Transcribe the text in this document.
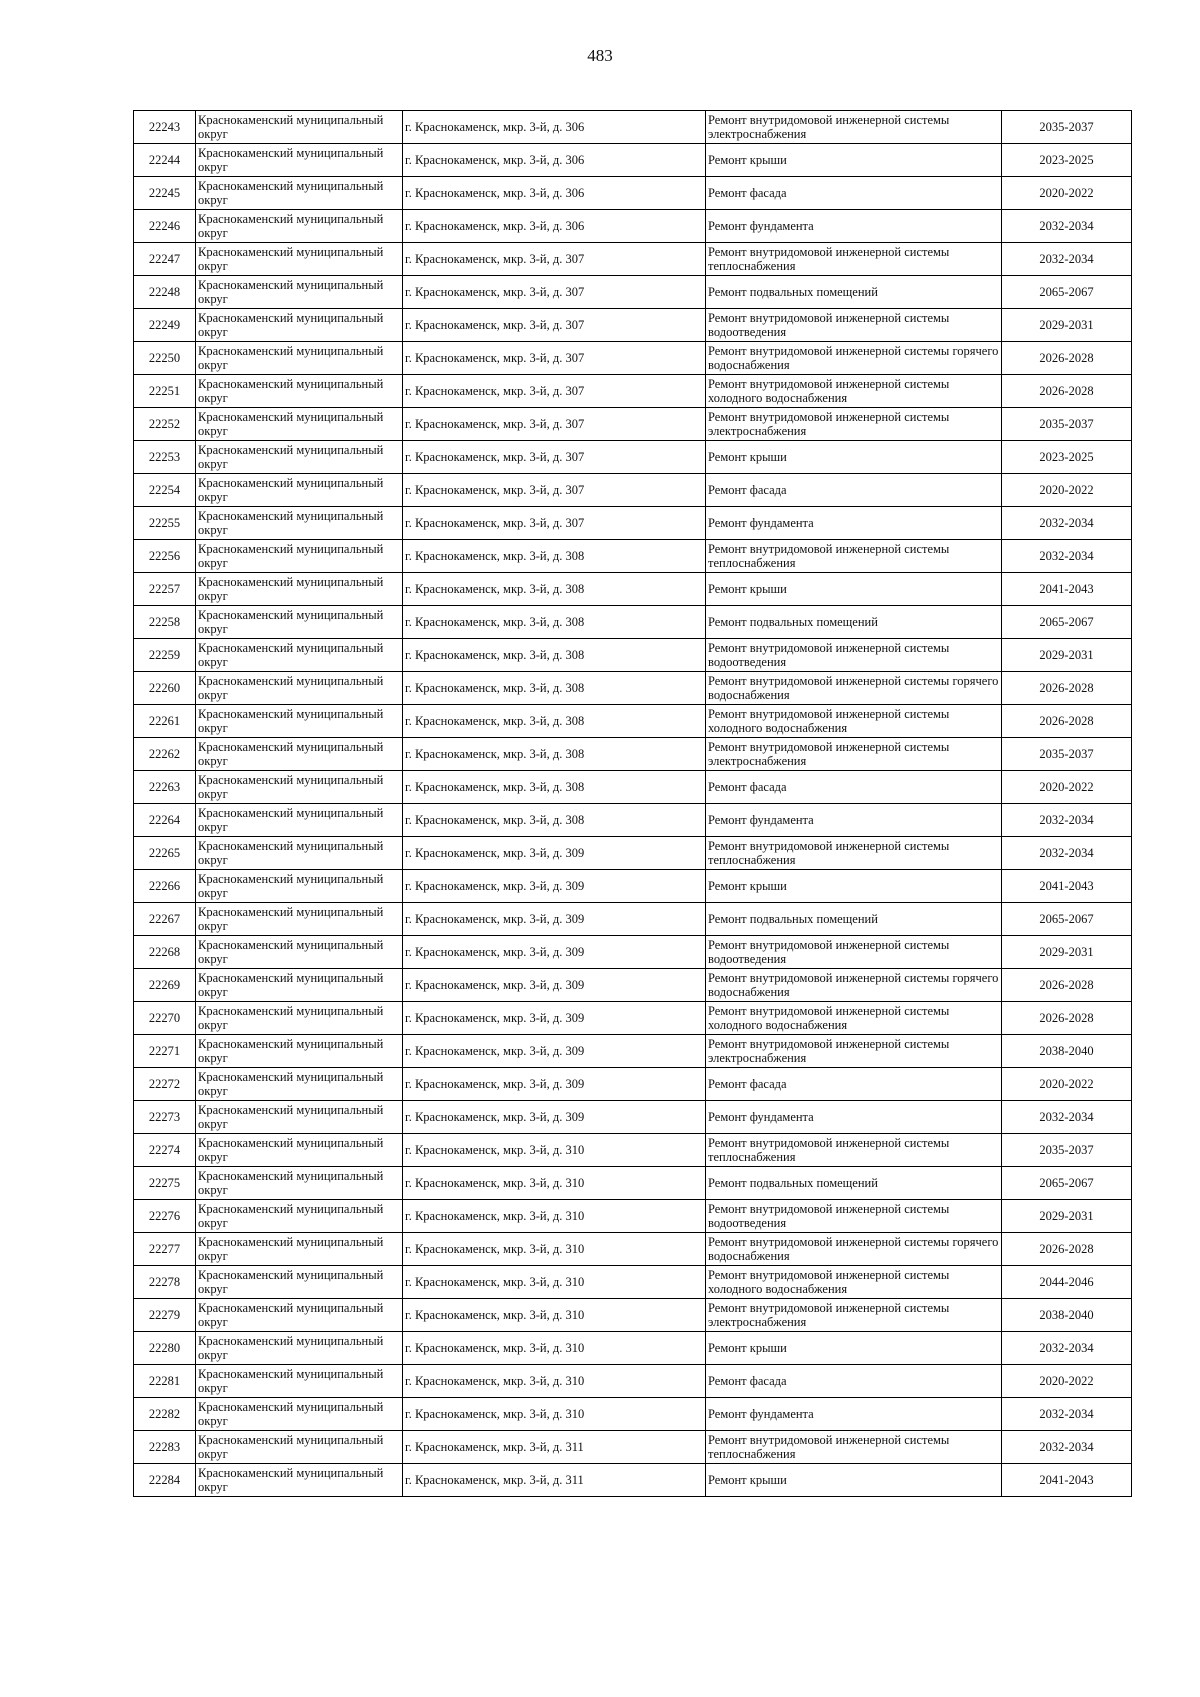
483
22243	Краснокаменский муниципальный округ	г. Краснокаменск, мкр. 3-й, д. 306	Ремонт внутридомовой инженерной системы электроснабжения	2035-2037
22244	Краснокаменский муниципальный округ	г. Краснокаменск, мкр. 3-й, д. 306	Ремонт крыши	2023-2025
22245	Краснокаменский муниципальный округ	г. Краснокаменск, мкр. 3-й, д. 306	Ремонт фасада	2020-2022
22246	Краснокаменский муниципальный округ	г. Краснокаменск, мкр. 3-й, д. 306	Ремонт фундамента	2032-2034
22247	Краснокаменский муниципальный округ	г. Краснокаменск, мкр. 3-й, д. 307	Ремонт внутридомовой инженерной системы теплоснабжения	2032-2034
22248	Краснокаменский муниципальный округ	г. Краснокаменск, мкр. 3-й, д. 307	Ремонт подвальных помещений	2065-2067
22249	Краснокаменский муниципальный округ	г. Краснокаменск, мкр. 3-й, д. 307	Ремонт внутридомовой инженерной системы водоотведения	2029-2031
22250	Краснокаменский муниципальный округ	г. Краснокаменск, мкр. 3-й, д. 307	Ремонт внутридомовой инженерной системы горячего водоснабжения	2026-2028
22251	Краснокаменский муниципальный округ	г. Краснокаменск, мкр. 3-й, д. 307	Ремонт внутридомовой инженерной системы холодного водоснабжения	2026-2028
22252	Краснокаменский муниципальный округ	г. Краснокаменск, мкр. 3-й, д. 307	Ремонт внутридомовой инженерной системы электроснабжения	2035-2037
22253	Краснокаменский муниципальный округ	г. Краснокаменск, мкр. 3-й, д. 307	Ремонт крыши	2023-2025
22254	Краснокаменский муниципальный округ	г. Краснокаменск, мкр. 3-й, д. 307	Ремонт фасада	2020-2022
22255	Краснокаменский муниципальный округ	г. Краснокаменск, мкр. 3-й, д. 307	Ремонт фундамента	2032-2034
22256	Краснокаменский муниципальный округ	г. Краснокаменск, мкр. 3-й, д. 308	Ремонт внутридомовой инженерной системы теплоснабжения	2032-2034
22257	Краснокаменский муниципальный округ	г. Краснокаменск, мкр. 3-й, д. 308	Ремонт крыши	2041-2043
22258	Краснокаменский муниципальный округ	г. Краснокаменск, мкр. 3-й, д. 308	Ремонт подвальных помещений	2065-2067
22259	Краснокаменский муниципальный округ	г. Краснокаменск, мкр. 3-й, д. 308	Ремонт внутридомовой инженерной системы водоотведения	2029-2031
22260	Краснокаменский муниципальный округ	г. Краснокаменск, мкр. 3-й, д. 308	Ремонт внутридомовой инженерной системы горячего водоснабжения	2026-2028
22261	Краснокаменский муниципальный округ	г. Краснокаменск, мкр. 3-й, д. 308	Ремонт внутридомовой инженерной системы холодного водоснабжения	2026-2028
22262	Краснокаменский муниципальный округ	г. Краснокаменск, мкр. 3-й, д. 308	Ремонт внутридомовой инженерной системы электроснабжения	2035-2037
22263	Краснокаменский муниципальный округ	г. Краснокаменск, мкр. 3-й, д. 308	Ремонт фасада	2020-2022
22264	Краснокаменский муниципальный округ	г. Краснокаменск, мкр. 3-й, д. 308	Ремонт фундамента	2032-2034
22265	Краснокаменский муниципальный округ	г. Краснокаменск, мкр. 3-й, д. 309	Ремонт внутридомовой инженерной системы теплоснабжения	2032-2034
22266	Краснокаменский муниципальный округ	г. Краснокаменск, мкр. 3-й, д. 309	Ремонт крыши	2041-2043
22267	Краснокаменский муниципальный округ	г. Краснокаменск, мкр. 3-й, д. 309	Ремонт подвальных помещений	2065-2067
22268	Краснокаменский муниципальный округ	г. Краснокаменск, мкр. 3-й, д. 309	Ремонт внутридомовой инженерной системы водоотведения	2029-2031
22269	Краснокаменский муниципальный округ	г. Краснокаменск, мкр. 3-й, д. 309	Ремонт внутридомовой инженерной системы горячего водоснабжения	2026-2028
22270	Краснокаменский муниципальный округ	г. Краснокаменск, мкр. 3-й, д. 309	Ремонт внутридомовой инженерной системы холодного водоснабжения	2026-2028
22271	Краснокаменский муниципальный округ	г. Краснокаменск, мкр. 3-й, д. 309	Ремонт внутридомовой инженерной системы электроснабжения	2038-2040
22272	Краснокаменский муниципальный округ	г. Краснокаменск, мкр. 3-й, д. 309	Ремонт фасада	2020-2022
22273	Краснокаменский муниципальный округ	г. Краснокаменск, мкр. 3-й, д. 309	Ремонт фундамента	2032-2034
22274	Краснокаменский муниципальный округ	г. Краснокаменск, мкр. 3-й, д. 310	Ремонт внутридомовой инженерной системы теплоснабжения	2035-2037
22275	Краснокаменский муниципальный округ	г. Краснокаменск, мкр. 3-й, д. 310	Ремонт подвальных помещений	2065-2067
22276	Краснокаменский муниципальный округ	г. Краснокаменск, мкр. 3-й, д. 310	Ремонт внутридомовой инженерной системы водоотведения	2029-2031
22277	Краснокаменский муниципальный округ	г. Краснокаменск, мкр. 3-й, д. 310	Ремонт внутридомовой инженерной системы горячего водоснабжения	2026-2028
22278	Краснокаменский муниципальный округ	г. Краснокаменск, мкр. 3-й, д. 310	Ремонт внутридомовой инженерной системы холодного водоснабжения	2044-2046
22279	Краснокаменский муниципальный округ	г. Краснокаменск, мкр. 3-й, д. 310	Ремонт внутридомовой инженерной системы электроснабжения	2038-2040
22280	Краснокаменский муниципальный округ	г. Краснокаменск, мкр. 3-й, д. 310	Ремонт крыши	2032-2034
22281	Краснокаменский муниципальный округ	г. Краснокаменск, мкр. 3-й, д. 310	Ремонт фасада	2020-2022
22282	Краснокаменский муниципальный округ	г. Краснокаменск, мкр. 3-й, д. 310	Ремонт фундамента	2032-2034
22283	Краснокаменский муниципальный округ	г. Краснокаменск, мкр. 3-й, д. 311	Ремонт внутридомовой инженерной системы теплоснабжения	2032-2034
22284	Краснокаменский муниципальный округ	г. Краснокаменск, мкр. 3-й, д. 311	Ремонт крыши	2041-2043
